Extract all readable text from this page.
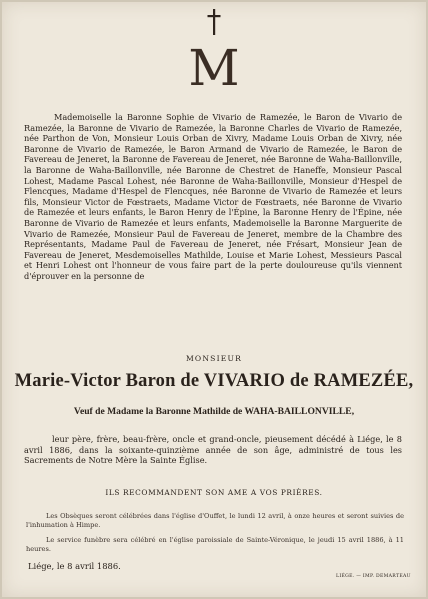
M
Mademoiselle la Baronne Sophie de Vivario de Ramezée, le Baron de Vivario de Ramezée, la Baronne de Vivario de Ramezée, la Baronne Charles de Vivario de Ramezée, née Parthon de Von, Monsieur Louis Orban de Xivry, Madame Louis Orban de Xivry, née Baronne de Vivario de Ramezée, le Baron Armand de Vivario de Ramezée, le Baron de Favereau de Jeneret, la Baronne de Favereau de Jeneret, née Baronne de Waha-Baillonville, la Baronne de Waha-Baillonville, née Baronne de Chestret de Haneffe, Monsieur Pascal Lohest, Madame Pascal Lohest, née Baronne de Waha-Baillonville, Monsieur d'Hespel de Flencques, Madame d'Hespel de Flencques, née Baronne de Vivario de Ramezée et leurs fils, Monsieur Victor de Fœstraets, Madame Victor de Fœstraets, née Baronne de Vivario de Ramezée et leurs enfants, le Baron Henry de l'Épine, la Baronne Henry de l'Épine, née Baronne de Vivario de Ramezée et leurs enfants, Mademoiselle la Baronne Marguerite de Vivario de Ramezée, Monsieur Paul de Favereau de Jeneret, membre de la Chambre des Représentants, Madame Paul de Favereau de Jeneret, née Frésart, Monsieur Jean de Favereau de Jeneret, Mesdemoiselles Mathilde, Louise et Marie Lohest, Messieurs Pascal et Henri Lohest ont l'honneur de vous faire part de la perte douloureuse qu'ils viennent d'éprouver en la personne de
MONSIEUR
Marie-Victor Baron de VIVARIO de RAMEZÉE,
Veuf de Madame la Baronne Mathilde de WAHA-BAILLONVILLE,
leur père, frère, beau-frère, oncle et grand-oncle, pieusement décédé à Liége, le 8 avril 1886, dans la soixante-quinzième année de son âge, administré de tous les Sacrements de Notre Mère la Sainte Église.
ILS RECOMMANDENT SON AME A VOS PRIÈRES.
Les Obsèques seront célébrées dans l'église d'Ouffet, le lundi 12 avril, à onze heures et seront suivies de l'inhumation à Himpe.
Le service funèbre sera célébré en l'église paroissiale de Sainte-Véronique, le jeudi 15 avril 1886, à 11 heures.
Liége, le 8 avril 1886.
LIÉGE. — IMP. DEMARTEAU
